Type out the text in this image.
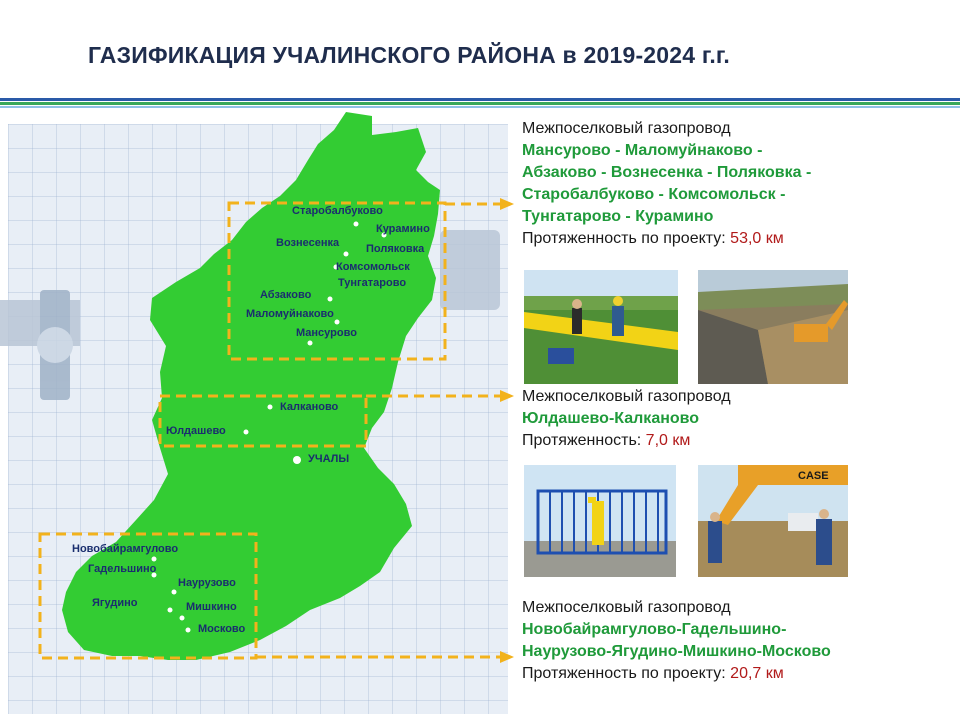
ГАЗИФИКАЦИЯ УЧАЛИНСКОГО РАЙОНА в 2019-2024 г.г.
Старобалбуково
Курамино
Вознесенка Поляковка
Комсомольск
Тунгатарово
Абзаково
Маломуйнаково
Мансурово
Калканово
Юлдашево
УЧАЛЫ
Новобайрамгулово
Гадельшино
Наурузово
Ягудино	Мишкино
Москово
Межпоселковый газопровод
Мансурово - Маломуйнаково -
Абзаково - Вознесенка - Поляковка -
Старобалбуково - Комсомольск -
Тунгатарово - Курамино
Протяженность по проекту: 53,0 км
Межпоселковый газопровод
Юлдашево-Калканово
Протяженность: 7,0 км
CASE
Межпоселковый газопровод
Новобайрамгулово-Гадельшино-
Наурузово-Ягудино-Мишкино-Москово
Протяженность по проекту: 20,7 км
